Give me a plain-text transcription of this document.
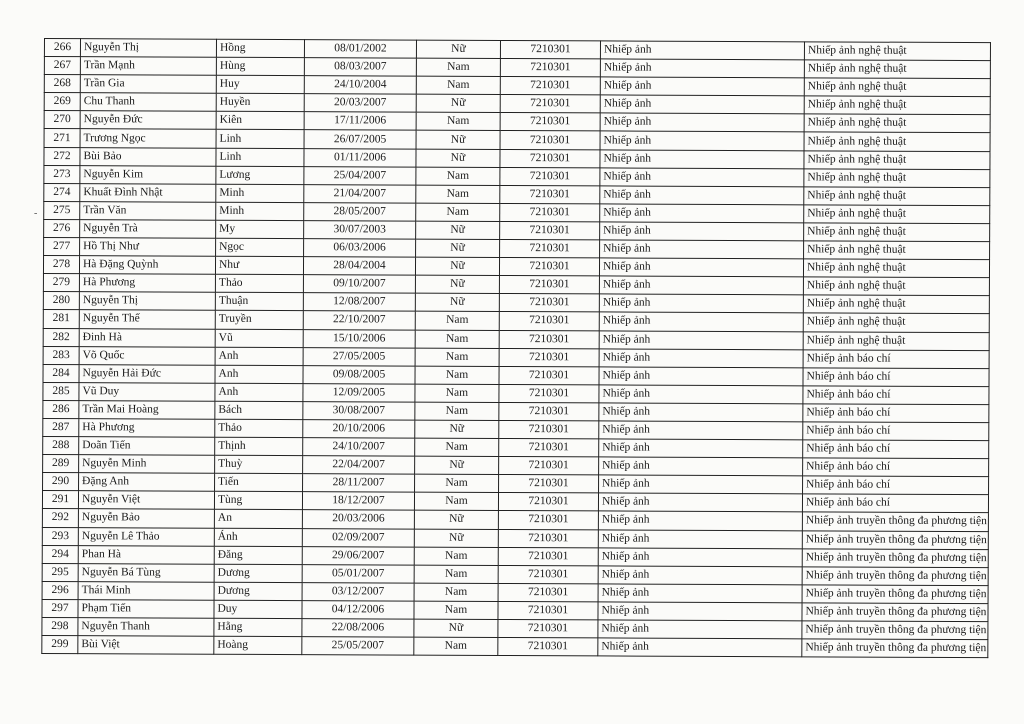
-
266	Nguyễn Thị	Hồng	08/01/2002	Nữ	7210301	Nhiếp ảnh	Nhiếp ảnh nghệ thuật
267	Trần Mạnh	Hùng	08/03/2007	Nam	7210301	Nhiếp ảnh	Nhiếp ảnh nghệ thuật
268	Trần Gia	Huy	24/10/2004	Nam	7210301	Nhiếp ảnh	Nhiếp ảnh nghệ thuật
269	Chu Thanh	Huyền	20/03/2007	Nữ	7210301	Nhiếp ảnh	Nhiếp ảnh nghệ thuật
270	Nguyễn Đức	Kiên	17/11/2006	Nam	7210301	Nhiếp ảnh	Nhiếp ảnh nghệ thuật
271	Trương Ngọc	Linh	26/07/2005	Nữ	7210301	Nhiếp ảnh	Nhiếp ảnh nghệ thuật
272	Bùi Bảo	Linh	01/11/2006	Nữ	7210301	Nhiếp ảnh	Nhiếp ảnh nghệ thuật
273	Nguyễn Kim	Lương	25/04/2007	Nam	7210301	Nhiếp ảnh	Nhiếp ảnh nghệ thuật
274	Khuất Đình Nhật	Minh	21/04/2007	Nam	7210301	Nhiếp ảnh	Nhiếp ảnh nghệ thuật
275	Trần Văn	Minh	28/05/2007	Nam	7210301	Nhiếp ảnh	Nhiếp ảnh nghệ thuật
276	Nguyễn Trà	My	30/07/2003	Nữ	7210301	Nhiếp ảnh	Nhiếp ảnh nghệ thuật
277	Hồ Thị Như	Ngọc	06/03/2006	Nữ	7210301	Nhiếp ảnh	Nhiếp ảnh nghệ thuật
278	Hà Đặng Quỳnh	Như	28/04/2004	Nữ	7210301	Nhiếp ảnh	Nhiếp ảnh nghệ thuật
279	Hà Phương	Thảo	09/10/2007	Nữ	7210301	Nhiếp ảnh	Nhiếp ảnh nghệ thuật
280	Nguyễn Thị	Thuận	12/08/2007	Nữ	7210301	Nhiếp ảnh	Nhiếp ảnh nghệ thuật
281	Nguyễn Thế	Truyền	22/10/2007	Nam	7210301	Nhiếp ảnh	Nhiếp ảnh nghệ thuật
282	Đinh Hà	Vũ	15/10/2006	Nam	7210301	Nhiếp ảnh	Nhiếp ảnh nghệ thuật
283	Võ Quốc	Anh	27/05/2005	Nam	7210301	Nhiếp ảnh	Nhiếp ảnh báo chí
284	Nguyễn Hải Đức	Anh	09/08/2005	Nam	7210301	Nhiếp ảnh	Nhiếp ảnh báo chí
285	Vũ Duy	Anh	12/09/2005	Nam	7210301	Nhiếp ảnh	Nhiếp ảnh báo chí
286	Trần Mai Hoàng	Bách	30/08/2007	Nam	7210301	Nhiếp ảnh	Nhiếp ảnh báo chí
287	Hà Phương	Thảo	20/10/2006	Nữ	7210301	Nhiếp ảnh	Nhiếp ảnh báo chí
288	Doãn Tiến	Thịnh	24/10/2007	Nam	7210301	Nhiếp ảnh	Nhiếp ảnh báo chí
289	Nguyễn Minh	Thuỳ	22/04/2007	Nữ	7210301	Nhiếp ảnh	Nhiếp ảnh báo chí
290	Đặng Anh	Tiến	28/11/2007	Nam	7210301	Nhiếp ảnh	Nhiếp ảnh báo chí
291	Nguyễn Việt	Tùng	18/12/2007	Nam	7210301	Nhiếp ảnh	Nhiếp ảnh báo chí
292	Nguyễn Bảo	An	20/03/2006	Nữ	7210301	Nhiếp ảnh	Nhiếp ảnh truyền thông đa phương tiện
293	Nguyễn Lê Thảo	Ánh	02/09/2007	Nữ	7210301	Nhiếp ảnh	Nhiếp ảnh truyền thông đa phương tiện
294	Phan Hà	Đăng	29/06/2007	Nam	7210301	Nhiếp ảnh	Nhiếp ảnh truyền thông đa phương tiện
295	Nguyễn Bá Tùng	Dương	05/01/2007	Nam	7210301	Nhiếp ảnh	Nhiếp ảnh truyền thông đa phương tiện
296	Thái Minh	Dương	03/12/2007	Nam	7210301	Nhiếp ảnh	Nhiếp ảnh truyền thông đa phương tiện
297	Phạm Tiến	Duy	04/12/2006	Nam	7210301	Nhiếp ảnh	Nhiếp ảnh truyền thông đa phương tiện
298	Nguyễn Thanh	Hằng	22/08/2006	Nữ	7210301	Nhiếp ảnh	Nhiếp ảnh truyền thông đa phương tiện
299	Bùi Việt	Hoàng	25/05/2007	Nam	7210301	Nhiếp ảnh	Nhiếp ảnh truyền thông đa phương tiện
